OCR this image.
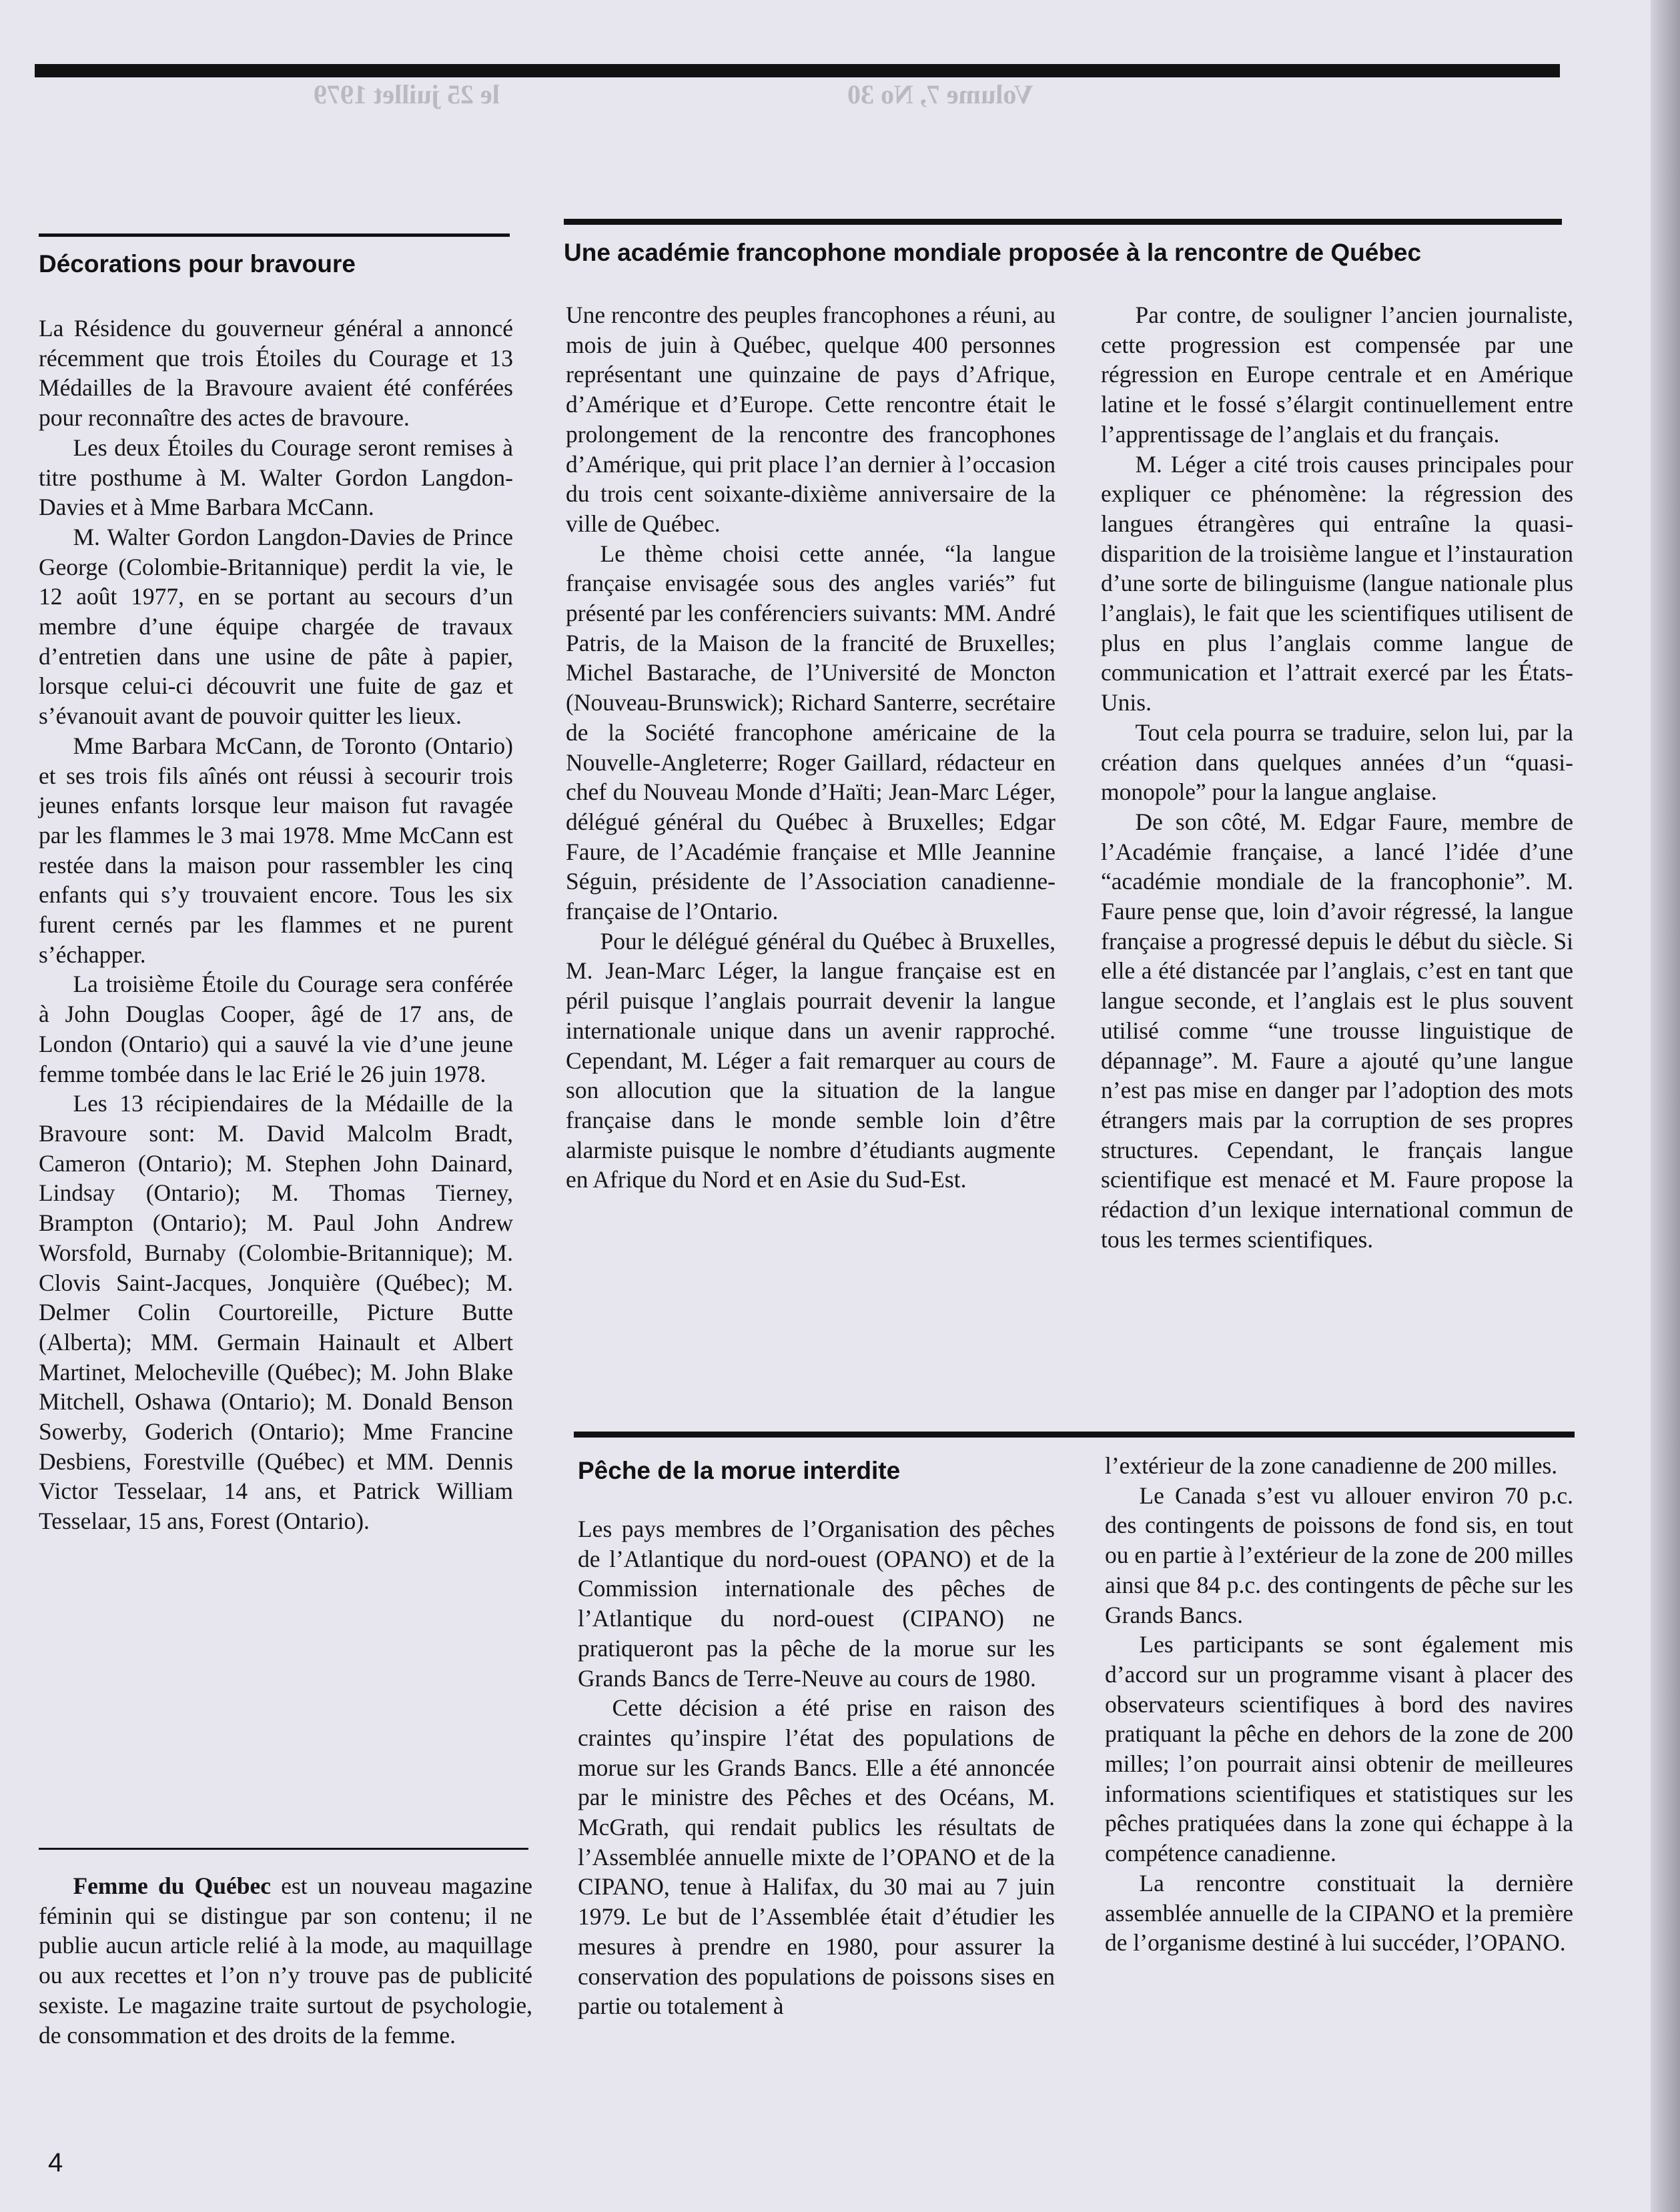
Volume 7, No 30
le 25 juillet 1979
Décorations pour bravoure

La Résidence du gouverneur général a annoncé récemment que trois Étoiles du Courage et 13 Médailles de la Bravoure avaient été conférées pour reconnaître des actes de bravoure.

Les deux Étoiles du Courage seront remises à titre posthume à M. Walter Gordon Langdon-Davies et à Mme Barbara McCann.

M. Walter Gordon Langdon-Davies de Prince George (Colombie-Britannique) perdit la vie, le 12 août 1977, en se portant au secours d’un membre d’une équipe chargée de travaux d’entretien dans une usine de pâte à papier, lorsque celui-ci découvrit une fuite de gaz et s’évanouit avant de pouvoir quitter les lieux.

Mme Barbara McCann, de Toronto (Ontario) et ses trois fils aînés ont réussi à secourir trois jeunes enfants lorsque leur maison fut ravagée par les flammes le 3 mai 1978. Mme McCann est restée dans la maison pour rassembler les cinq enfants qui s’y trouvaient encore. Tous les six furent cernés par les flammes et ne purent s’échapper.

La troisième Étoile du Courage sera conférée à John Douglas Cooper, âgé de 17 ans, de London (Ontario) qui a sauvé la vie d’une jeune femme tombée dans le lac Erié le 26 juin 1978.

Les 13 récipiendaires de la Médaille de la Bravoure sont: M. David Malcolm Bradt, Cameron (Ontario); M. Stephen John Dainard, Lindsay (Ontario); M. Thomas Tierney, Brampton (Ontario); M. Paul John Andrew Worsfold, Burnaby (Colombie-Britannique); M. Clovis Saint-Jacques, Jonquière (Québec); M. Delmer Colin Courtoreille, Picture Butte (Alberta); MM. Germain Hainault et Albert Martinet, Melocheville (Québec); M. John Blake Mitchell, Oshawa (Ontario); M. Donald Benson Sowerby, Goderich (Ontario); Mme Francine Desbiens, Forestville (Québec) et MM. Dennis Victor Tesselaar, 14 ans, et Patrick William Tesselaar, 15 ans, Forest (Ontario).

Femme du Québec est un nouveau magazine féminin qui se distingue par son contenu; il ne publie aucun article relié à la mode, au maquillage ou aux recettes et l’on n’y trouve pas de publicité sexiste. Le magazine traite surtout de psychologie, de consommation et des droits de la femme.

Une académie francophone mondiale proposée à la rencontre de Québec

Une rencontre des peuples francophones a réuni, au mois de juin à Québec, quelque 400 personnes représentant une quinzaine de pays d’Afrique, d’Amérique et d’Europe. Cette rencontre était le prolongement de la rencontre des francophones d’Amérique, qui prit place l’an dernier à l’occasion du trois cent soixante-dixième anniversaire de la ville de Québec.

Le thème choisi cette année, “la langue française envisagée sous des angles variés” fut présenté par les conférenciers suivants: MM. André Patris, de la Maison de la francité de Bruxelles; Michel Bastarache, de l’Université de Moncton (Nouveau-Brunswick); Richard Santerre, secrétaire de la Société francophone américaine de la Nouvelle-Angleterre; Roger Gaillard, rédacteur en chef du Nouveau Monde d’Haïti; Jean-Marc Léger, délégué général du Québec à Bruxelles; Edgar Faure, de l’Académie française et Mlle Jeannine Séguin, présidente de l’Association canadienne-française de l’Ontario.

Pour le délégué général du Québec à Bruxelles, M. Jean-Marc Léger, la langue française est en péril puisque l’anglais pourrait devenir la langue internationale unique dans un avenir rapproché. Cependant, M. Léger a fait remarquer au cours de son allocution que la situation de la langue française dans le monde semble loin d’être alarmiste puisque le nombre d’étudiants augmente en Afrique du Nord et en Asie du Sud-Est.

Par contre, de souligner l’ancien journaliste, cette progression est compensée par une régression en Europe centrale et en Amérique latine et le fossé s’élargit continuellement entre l’apprentissage de l’anglais et du français.

M. Léger a cité trois causes principales pour expliquer ce phénomène: la régression des langues étrangères qui entraîne la quasi-disparition de la troisième langue et l’instauration d’une sorte de bilinguisme (langue nationale plus l’anglais), le fait que les scientifiques utilisent de plus en plus l’anglais comme langue de communication et l’attrait exercé par les États-Unis.

Tout cela pourra se traduire, selon lui, par la création dans quelques années d’un “quasi-monopole” pour la langue anglaise.

De son côté, M. Edgar Faure, membre de l’Académie française, a lancé l’idée d’une “académie mondiale de la francophonie”. M. Faure pense que, loin d’avoir régressé, la langue française a progressé depuis le début du siècle. Si elle a été distancée par l’anglais, c’est en tant que langue seconde, et l’anglais est le plus souvent utilisé comme “une trousse linguistique de dépannage”. M. Faure a ajouté qu’une langue n’est pas mise en danger par l’adoption des mots étrangers mais par la corruption de ses propres structures. Cependant, le français langue scientifique est menacé et M. Faure propose la rédaction d’un lexique international commun de tous les termes scientifiques.

Pêche de la morue interdite

Les pays membres de l’Organisation des pêches de l’Atlantique du nord-ouest (OPANO) et de la Commission internationale des pêches de l’Atlantique du nord-ouest (CIPANO) ne pratiqueront pas la pêche de la morue sur les Grands Bancs de Terre-Neuve au cours de 1980.

Cette décision a été prise en raison des craintes qu’inspire l’état des populations de morue sur les Grands Bancs. Elle a été annoncée par le ministre des Pêches et des Océans, M. McGrath, qui rendait publics les résultats de l’Assemblée annuelle mixte de l’OPANO et de la CIPANO, tenue à Halifax, du 30 mai au 7 juin 1979. Le but de l’Assemblée était d’étudier les mesures à prendre en 1980, pour assurer la conservation des populations de poissons sises en partie ou totalement à

l’extérieur de la zone canadienne de 200 milles.

Le Canada s’est vu allouer environ 70 p.c. des contingents de poissons de fond sis, en tout ou en partie à l’extérieur de la zone de 200 milles ainsi que 84 p.c. des contingents de pêche sur les Grands Bancs.

Les participants se sont également mis d’accord sur un programme visant à placer des observateurs scientifiques à bord des navires pratiquant la pêche en dehors de la zone de 200 milles; l’on pourrait ainsi obtenir de meilleures informations scientifiques et statistiques sur les pêches pratiquées dans la zone qui échappe à la compétence canadienne.

La rencontre constituait la dernière assemblée annuelle de la CIPANO et la première de l’organisme destiné à lui succéder, l’OPANO.

4
